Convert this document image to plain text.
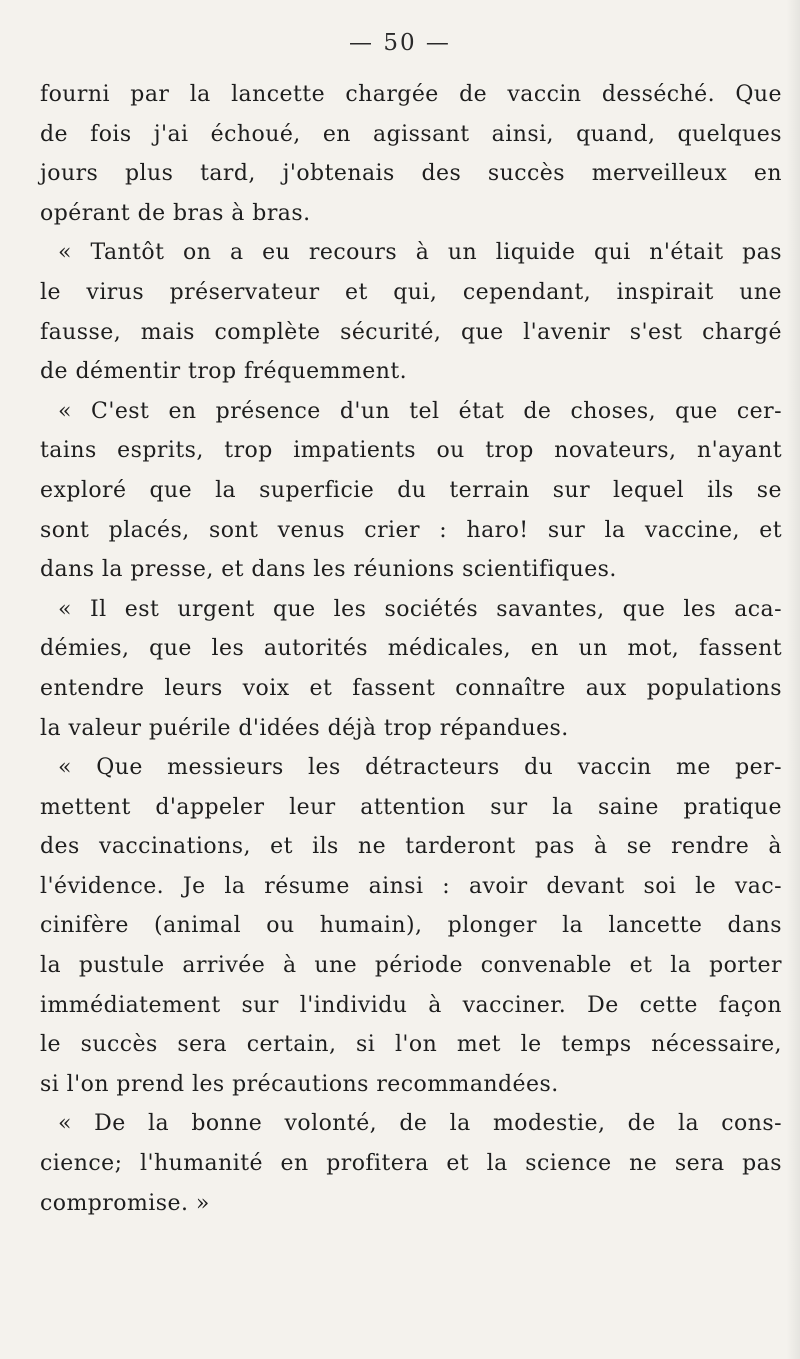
— 50 —
fourni par la lancette chargée de vaccin desséché. Que
de fois j'ai échoué, en agissant ainsi, quand, quelques
jours plus tard, j'obtenais des succès merveilleux en
opérant de bras à bras.
« Tantôt on a eu recours à un liquide qui n'était pas
le virus préservateur et qui, cependant, inspirait une
fausse, mais complète sécurité, que l'avenir s'est chargé
de démentir trop fréquemment.
« C'est en présence d'un tel état de choses, que cer-
tains esprits, trop impatients ou trop novateurs, n'ayant
exploré que la superficie du terrain sur lequel ils se
sont placés, sont venus crier : haro! sur la vaccine, et
dans la presse, et dans les réunions scientifiques.
« Il est urgent que les sociétés savantes, que les aca-
démies, que les autorités médicales, en un mot, fassent
entendre leurs voix et fassent connaître aux populations
la valeur puérile d'idées déjà trop répandues.
« Que messieurs les détracteurs du vaccin me per-
mettent d'appeler leur attention sur la saine pratique
des vaccinations, et ils ne tarderont pas à se rendre à
l'évidence. Je la résume ainsi : avoir devant soi le vac-
cinifère (animal ou humain), plonger la lancette dans
la pustule arrivée à une période convenable et la porter
immédiatement sur l'individu à vacciner. De cette façon
le succès sera certain, si l'on met le temps nécessaire,
si l'on prend les précautions recommandées.
« De la bonne volonté, de la modestie, de la cons-
cience; l'humanité en profitera et la science ne sera pas
compromise. »
